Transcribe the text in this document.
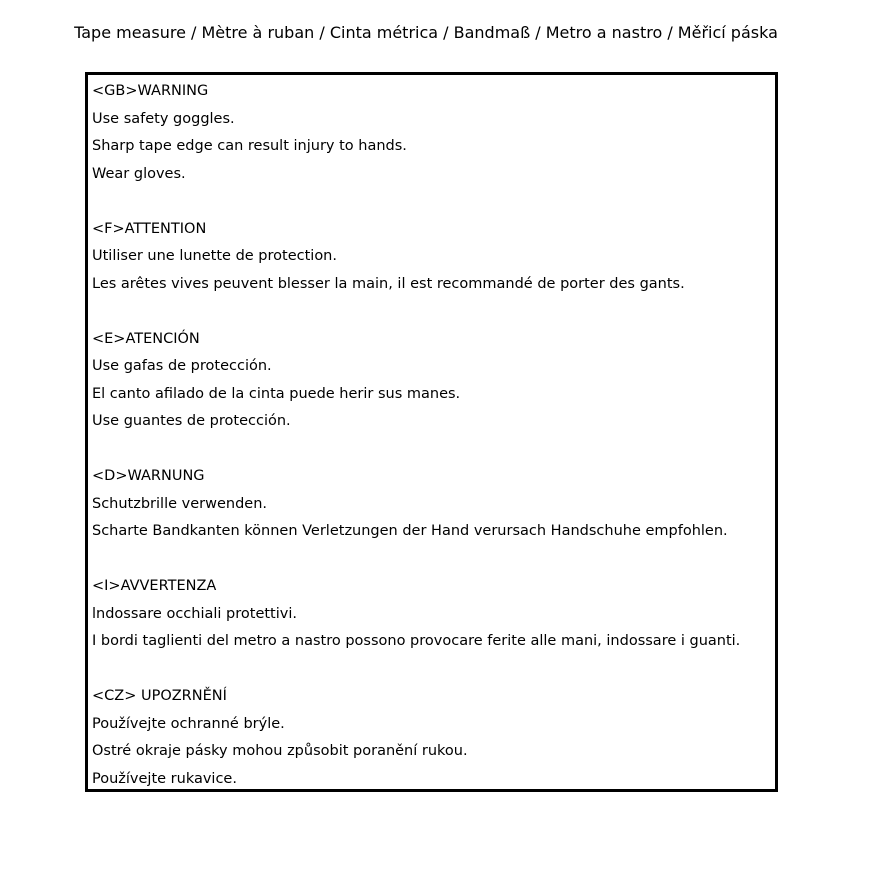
Tape measure / Mètre à ruban / Cinta métrica / Bandmaß / Metro a nastro / Měřicí páska
<GB>WARNING
Use safety goggles.
Sharp tape edge can result injury to hands.
Wear gloves.
<F>ATTENTION
Utiliser une lunette de protection.
Les arêtes vives peuvent blesser la main, il est recommandé de porter des gants.
<E>ATENCIÓN
Use gafas de protección.
El canto afilado de la cinta puede herir sus manes.
Use guantes de protección.
<D>WARNUNG
Schutzbrille verwenden.
Scharte Bandkanten können Verletzungen der Hand verursach Handschuhe empfohlen.
<I>AVVERTENZA
lndossare occhiali protettivi.
I bordi taglienti del metro a nastro possono provocare ferite alle mani, indossare i guanti.
<CZ> UPOZRNĚNÍ
Používejte ochranné brýle.
Ostré okraje pásky mohou způsobit poranění rukou.
Používejte rukavice.
